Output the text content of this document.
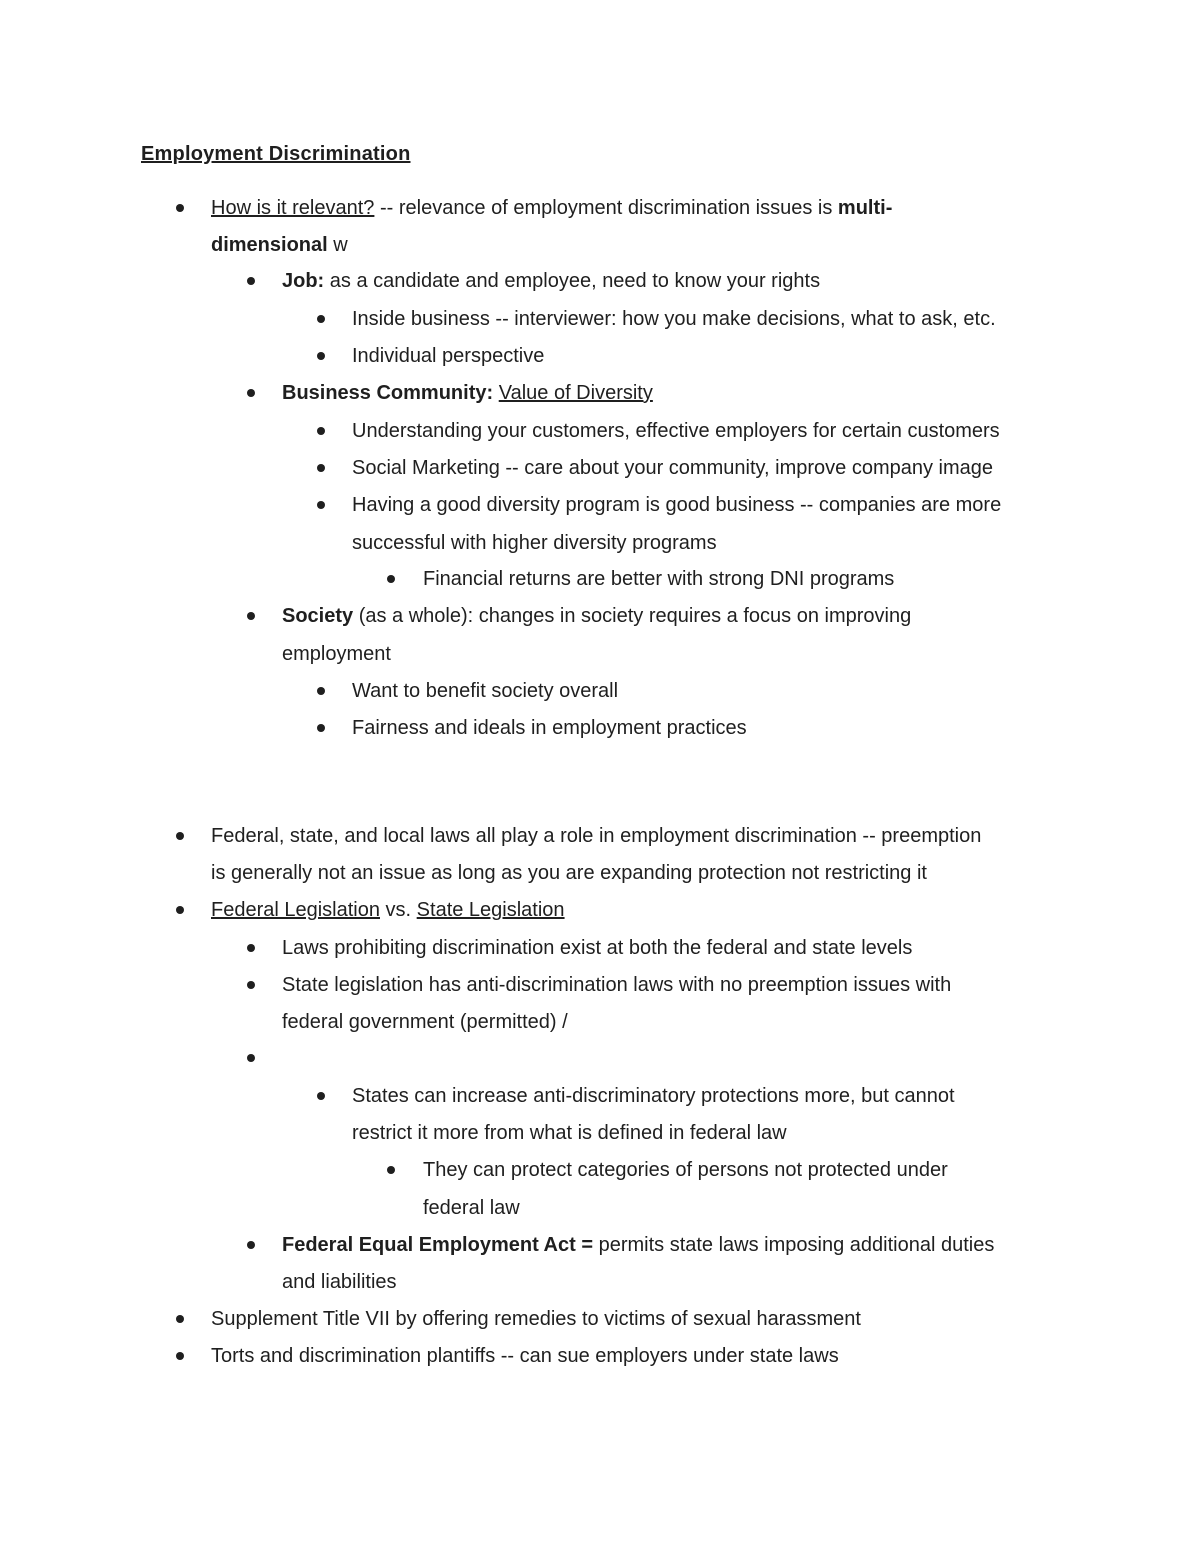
Employment Discrimination
How is it relevant? -- relevance of employment discrimination issues is multi-
dimensional w
Job: as a candidate and employee, need to know your rights
Inside business -- interviewer: how you make decisions, what to ask, etc.
Individual perspective
Business Community: Value of Diversity
Understanding your customers, effective employers for certain customers
Social Marketing -- care about your community, improve company image
Having a good diversity program is good business -- companies are more
successful with higher diversity programs
Financial returns are better with strong DNI programs
Society (as a whole): changes in society requires a focus on improving
employment
Want to benefit society overall
Fairness and ideals in employment practices
Federal, state, and local laws all play a role in employment discrimination -- preemption
is generally not an issue as long as you are expanding protection not restricting it
Federal Legislation vs. State Legislation
Laws prohibiting discrimination exist at both the federal and state levels
State legislation has anti-discrimination laws with no preemption issues with
federal government (permitted) /
States can increase anti-discriminatory protections more, but cannot
restrict it more from what is defined in federal law
They can protect categories of persons not protected under
federal law
Federal Equal Employment Act = permits state laws imposing additional duties
and liabilities
Supplement Title VII by offering remedies to victims of sexual harassment
Torts and discrimination plantiffs -- can sue employers under state laws
